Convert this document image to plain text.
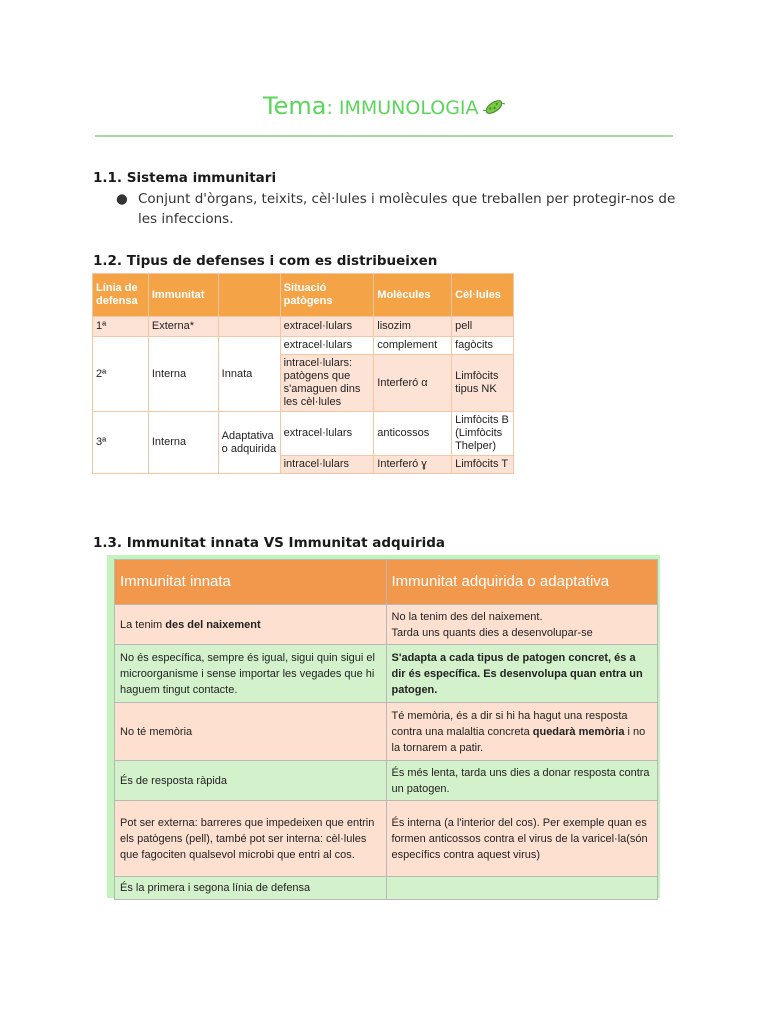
Tema: IMMUNOLOGIA
1.1. Sistema immunitari
● Conjunt d'òrgans, teixits, cèl·lules i molècules que treballen per protegir-nos de les infeccions.
1.2. Tipus de defenses i com es distribueixen
Línia de defensa	Immunitat		Situació patògens	Molècules	Cèl·lules
1ª	Externa*		extracel·lulars	lisozim	pell
2ª	Interna	Innata	extracel·lulars	complement	fagòcits
			intracel·lulars: patògens que s'amaguen dins les cèl·lules	Interferó α	Limfòcits tipus NK
3ª	Interna	Adaptativa o adquirida	extracel·lulars	anticossos	Limfòcits B (Limfòcits Thelper)
			intracel·lulars	Interferó ɣ	Limfòcits T
1.3. Immunitat innata VS Immunitat adquirida
Immunitat innata	Immunitat adquirida o adaptativa
La tenim des del naixement	No la tenim des del naixement.
Tarda uns quants dies a desenvolupar-se
No és específica, sempre és igual, sigui quin sigui el microorganisme i sense importar les vegades que hi haguem tingut contacte.	S'adapta a cada tipus de patogen concret, és a dir és específica. Es desenvolupa quan entra un patogen.
No té memòria	Té memòria, és a dir si hi ha hagut una resposta contra una malaltia concreta quedarà memòria i no la tornarem a patir.
És de resposta ràpida	És més lenta, tarda uns dies a donar resposta contra un patogen.
Pot ser externa: barreres que impedeixen que entrin els patògens (pell), també pot ser interna: cèl·lules que fagociten qualsevol microbi que entri al cos.	És interna (a l'interior del cos). Per exemple quan es formen anticossos contra el virus de la varicel·la(són específics contra aquest virus)
És la primera i segona línia de defensa	
